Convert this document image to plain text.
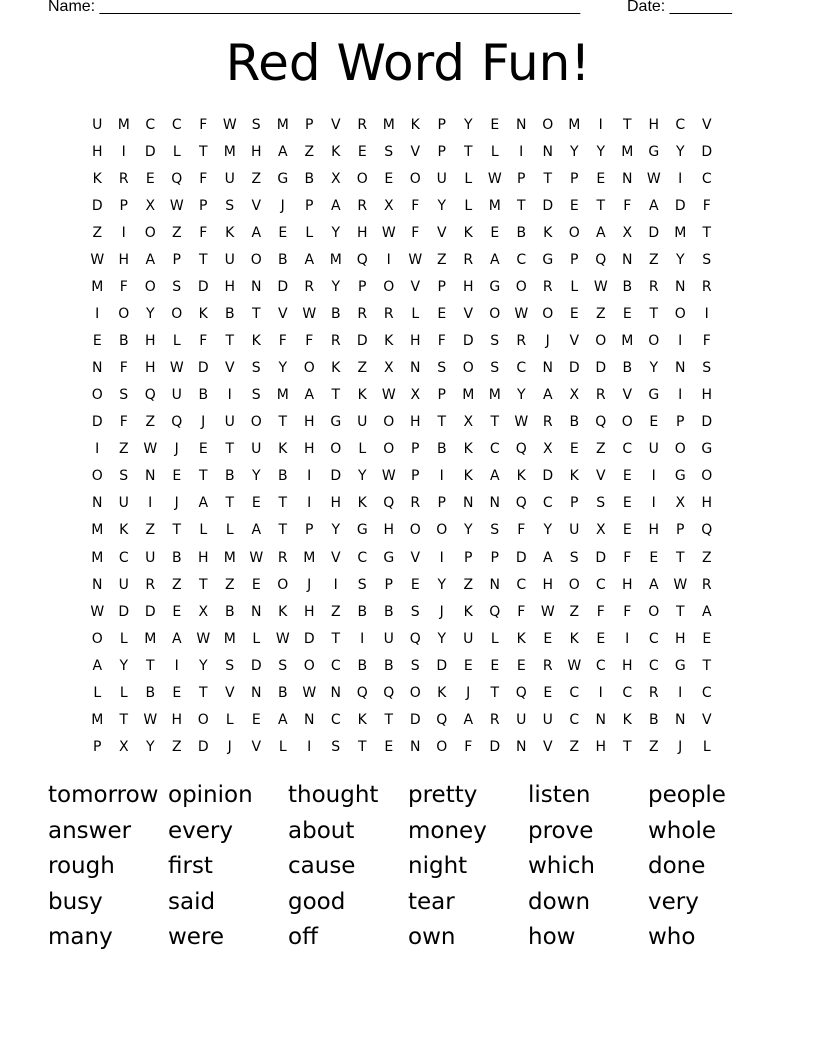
Name: ______________________________________________________	Date: _______
Red Word Fun!
U	M	C	C	F	W	S	M	P	V	R	M	K	P	Y	E	N	O	M	I	T	H	C	V
H	I	D	L	T	M	H	A	Z	K	E	S	V	P	T	L	I	N	Y	Y	M	G	Y	D
K	R	E	Q	F	U	Z	G	B	X	O	E	O	U	L	W	P	T	P	E	N	W	I	C
D	P	X	W	P	S	V	J	P	A	R	X	F	Y	L	M	T	D	E	T	F	A	D	F
Z	I	O	Z	F	K	A	E	L	Y	H	W	F	V	K	E	B	K	O	A	X	D	M	T
W	H	A	P	T	U	O	B	A	M	Q	I	W	Z	R	A	C	G	P	Q	N	Z	Y	S
M	F	O	S	D	H	N	D	R	Y	P	O	V	P	H	G	O	R	L	W	B	R	N	R
I	O	Y	O	K	B	T	V	W	B	R	R	L	E	V	O	W	O	E	Z	E	T	O	I
E	B	H	L	F	T	K	F	F	R	D	K	H	F	D	S	R	J	V	O	M	O	I	F
N	F	H	W	D	V	S	Y	O	K	Z	X	N	S	O	S	C	N	D	D	B	Y	N	S
O	S	Q	U	B	I	S	M	A	T	K	W	X	P	M	M	Y	A	X	R	V	G	I	H
D	F	Z	Q	J	U	O	T	H	G	U	O	H	T	X	T	W	R	B	Q	O	E	P	D
I	Z	W	J	E	T	U	K	H	O	L	O	P	B	K	C	Q	X	E	Z	C	U	O	G
O	S	N	E	T	B	Y	B	I	D	Y	W	P	I	K	A	K	D	K	V	E	I	G	O
N	U	I	J	A	T	E	T	I	H	K	Q	R	P	N	N	Q	C	P	S	E	I	X	H
M	K	Z	T	L	L	A	T	P	Y	G	H	O	O	Y	S	F	Y	U	X	E	H	P	Q
M	C	U	B	H	M W	R	M	V	C	G	V	I	P	P	D	A	S	D	F	E	T	Z
N	U	R	Z	T	Z	E	O	J	I	S	P	E	Y	Z	N	C	H	O	C	H	A	W	R
W	D	D	E	X	B	N	K	H	Z	B	B	S	J	K	Q	F	W	Z	F	F	O	T	A
O	L	M	A	W M	L	W	D	T	I	U	Q	Y	U	L	K	E	K	E	I	C	H	E
A	Y	T	I	Y	S	D	S	O	C	B	B	S	D	E	E	E	R	W	C	H	C	G	T
L	L	B	E	T	V	N	B	W	N	Q	Q	O	K	J	T	Q	E	C	I	C	R	I	C
M	T	W	H	O	L	E	A	N	C	K	T	D	Q	A	R	U	U	C	N	K	B	N	V
P	X	Y	Z	D	J	V	L	I	S	T	E	N	O	F	D	N	V	Z	H	T	Z	J	L
tomorrow opinion	thought	pretty	listen	people
answer	every	about	money	prove	whole
rough	first	cause	night	which	done
busy	said	good	tear	down	very
many	were	off	own	how	who
